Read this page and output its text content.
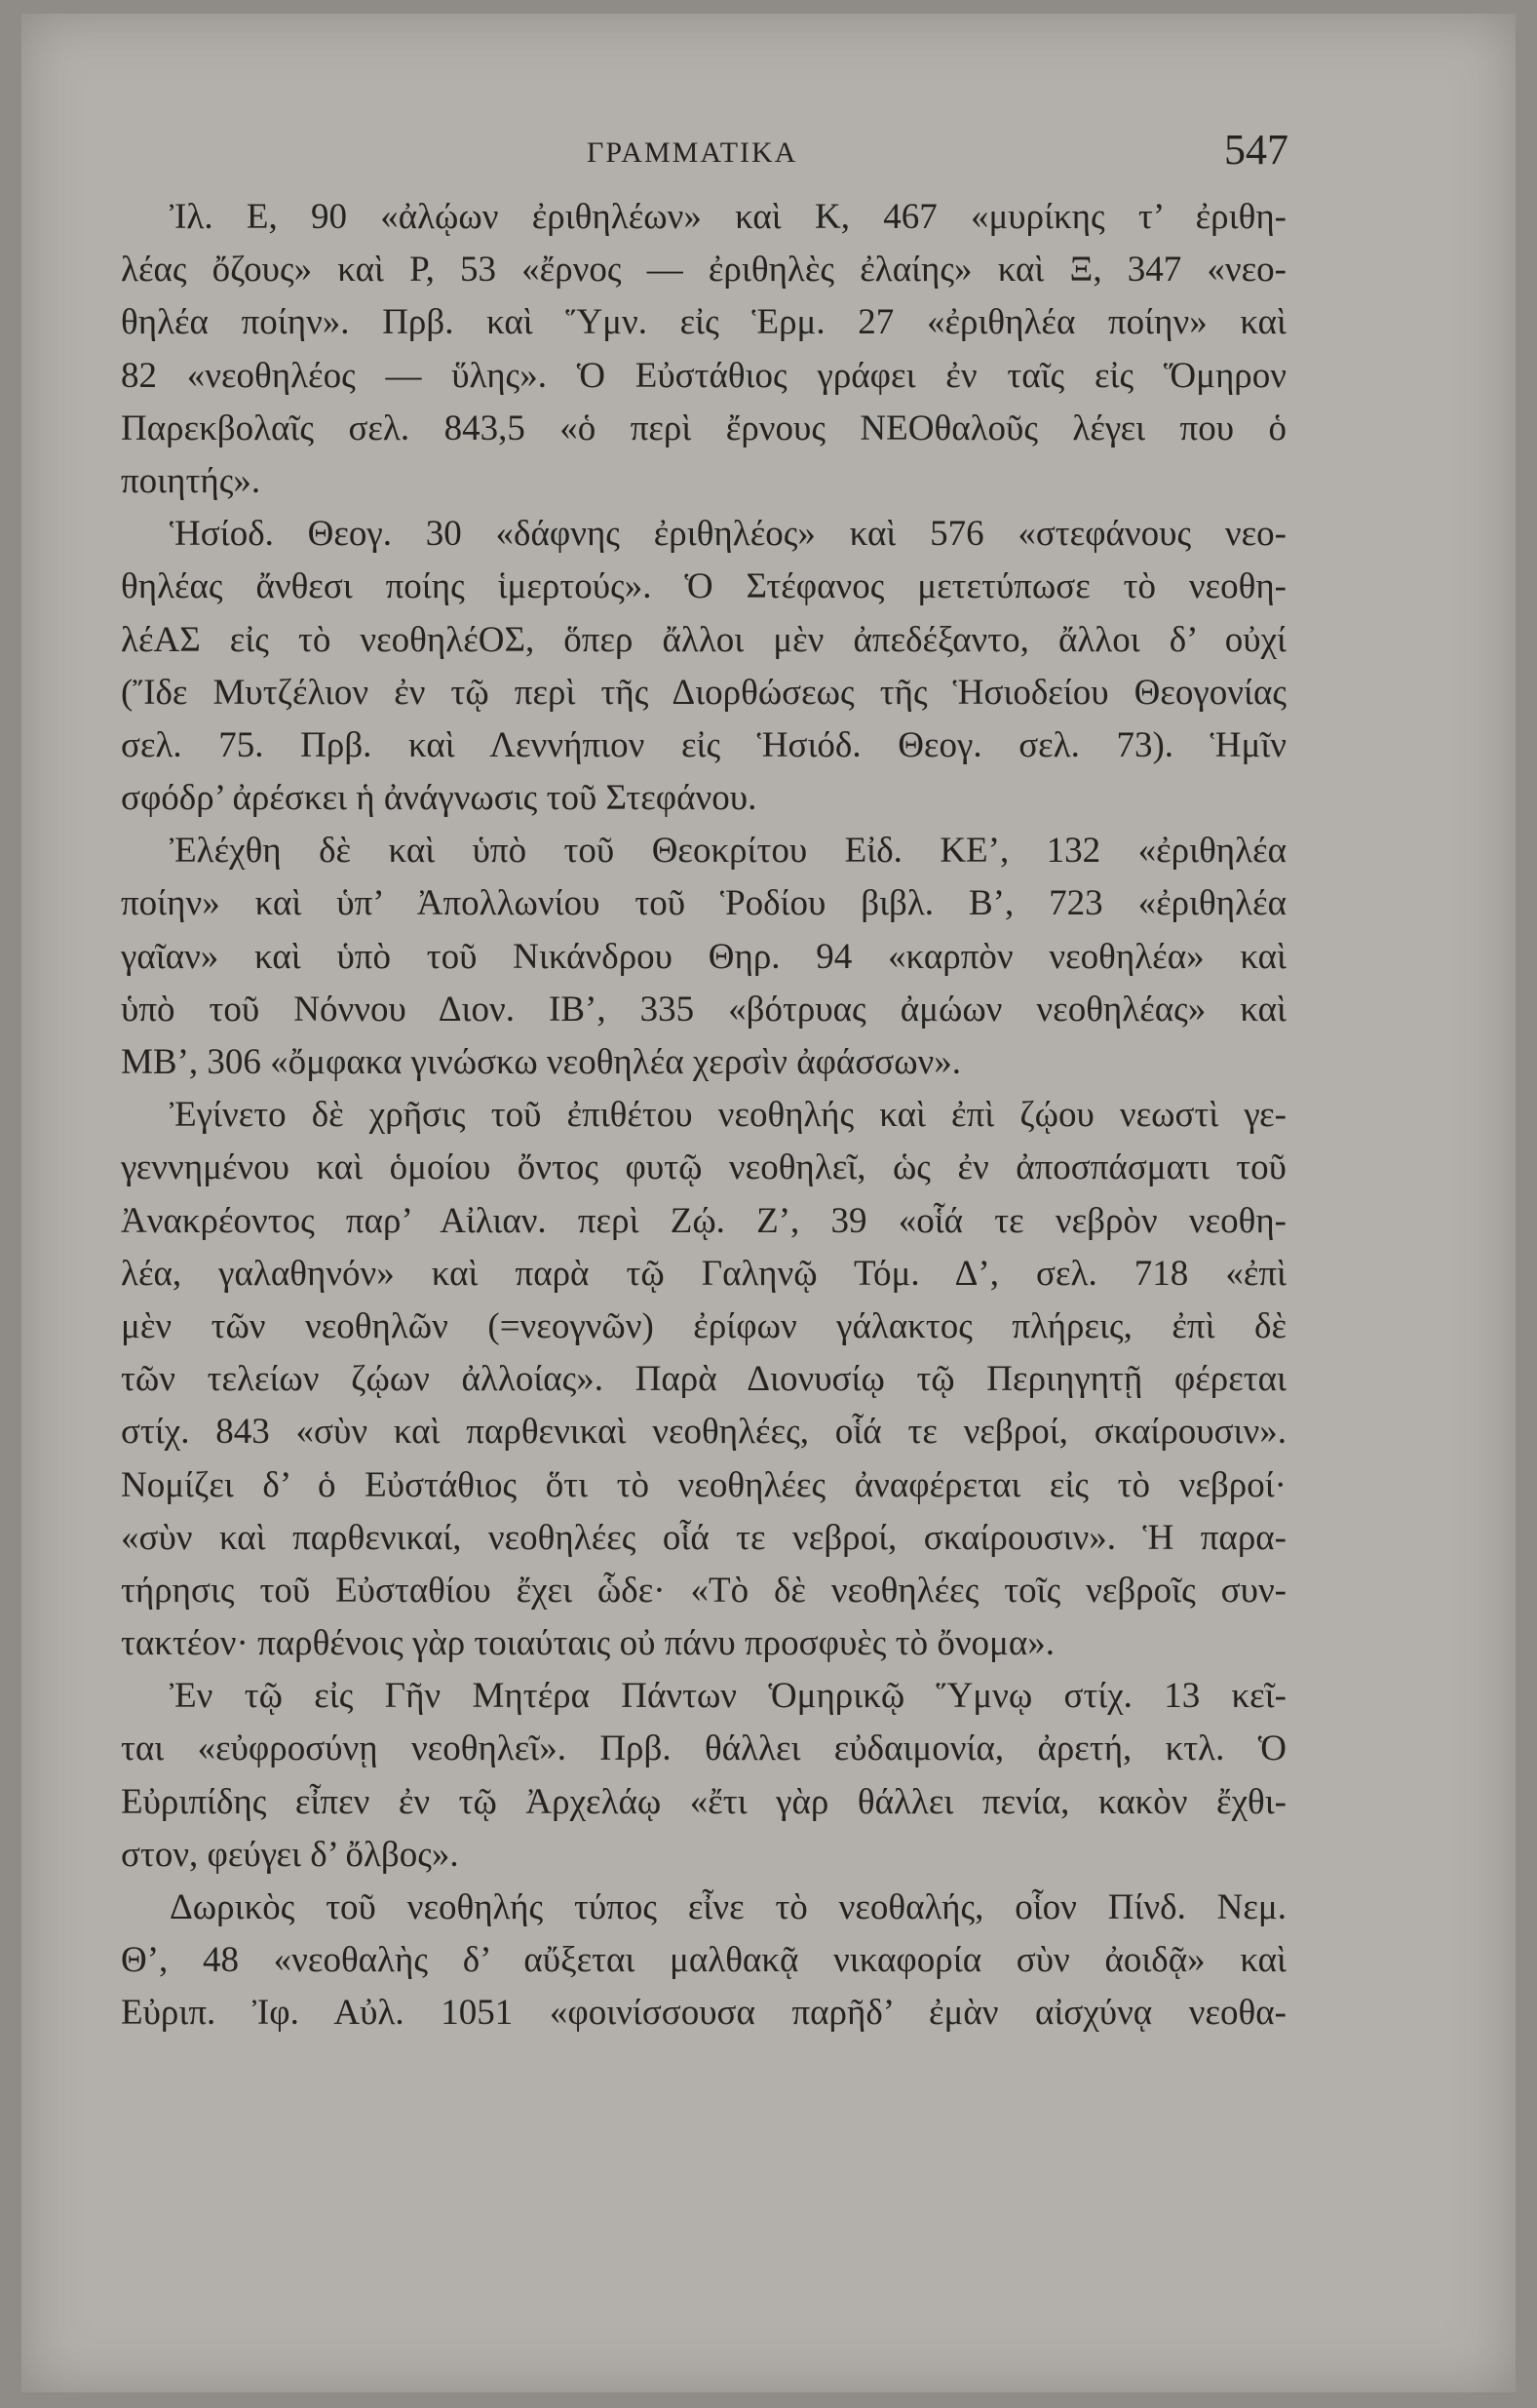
ΓΡΑΜΜΑΤΙΚΑ	547
Ἰλ. Ε, 90 «ἀλῴων ἐριθηλέων» καὶ Κ, 467 «μυρίκης τ’ ἐριθη-
λέας ὄζους» καὶ Ρ, 53 «ἔρνος — ἐριθηλὲς ἐλαίης» καὶ Ξ, 347 «νεο-
θηλέα ποίην». Πρβ. καὶ Ὕμν. εἰς Ἑρμ. 27 «ἐριθηλέα ποίην» καὶ
82 «νεοθηλέος — ὕλης». Ὁ Εὐστάθιος γράφει ἐν ταῖς εἰς Ὅμηρον
Παρεκβολαῖς σελ. 843,5 «ὁ περὶ ἔρνους ΝΕΟθαλοῦς λέγει που ὁ
ποιητής».
Ἡσίοδ. Θεογ. 30 «δάφνης ἐριθηλέος» καὶ 576 «στεφάνους νεο-
θηλέας ἄνθεσι ποίης ἱμερτούς». Ὁ Στέφανος μετετύπωσε τὸ νεοθη-
λέΑΣ εἰς τὸ νεοθηλέΟΣ, ὅπερ ἄλλοι μὲν ἀπεδέξαντο, ἄλλοι δ’ οὐχί
(Ἴδε Μυτζέλιον ἐν τῷ περὶ τῆς Διορθώσεως τῆς Ἡσιοδείου Θεογονίας
σελ. 75. Πρβ. καὶ Λεννήπιον εἰς Ἡσιόδ. Θεογ. σελ. 73). Ἡμῖν
σφόδρ’ ἀρέσκει ἡ ἀνάγνωσις τοῦ Στεφάνου.
Ἐλέχθη δὲ καὶ ὑπὸ τοῦ Θεοκρίτου Εἰδ. ΚΕ’, 132 «ἐριθηλέα
ποίην» καὶ ὑπ’ Ἀπολλωνίου τοῦ Ῥοδίου βιβλ. Β’, 723 «ἐριθηλέα
γαῖαν» καὶ ὑπὸ τοῦ Νικάνδρου Θηρ. 94 «καρπὸν νεοθηλέα» καὶ
ὑπὸ τοῦ Νόννου Διον. ΙΒ’, 335 «βότρυας ἀμώων νεοθηλέας» καὶ
ΜΒ’, 306 «ὄμφακα γινώσκω νεοθηλέα χερσὶν ἀφάσσων».
Ἐγίνετο δὲ χρῆσις τοῦ ἐπιθέτου νεοθηλής καὶ ἐπὶ ζῴου νεωστὶ γε-
γεννημένου καὶ ὁμοίου ὄντος φυτῷ νεοθηλεῖ, ὡς ἐν ἀποσπάσματι τοῦ
Ἀνακρέοντος παρ’ Αἰλιαν. περὶ Ζῴ. Ζ’, 39 «οἷά τε νεβρὸν νεοθη-
λέα, γαλαθηνόν» καὶ παρὰ τῷ Γαληνῷ Τόμ. Δ’, σελ. 718 «ἐπὶ
μὲν τῶν νεοθηλῶν (=νεογνῶν) ἐρίφων γάλακτος πλήρεις, ἐπὶ δὲ
τῶν τελείων ζῴων ἀλλοίας». Παρὰ Διονυσίῳ τῷ Περιηγητῇ φέρεται
στίχ. 843 «σὺν καὶ παρθενικαὶ νεοθηλέες, οἷά τε νεβροί, σκαίρουσιν».
Νομίζει δ’ ὁ Εὐστάθιος ὅτι τὸ νεοθηλέες ἀναφέρεται εἰς τὸ νεβροί·
«σὺν καὶ παρθενικαί, νεοθηλέες οἷά τε νεβροί, σκαίρουσιν». Ἡ παρα-
τήρησις τοῦ Εὐσταθίου ἔχει ὧδε· «Τὸ δὲ νεοθηλέες τοῖς νεβροῖς συν-
τακτέον· παρθένοις γὰρ τοιαύταις οὐ πάνυ προσφυὲς τὸ ὄνομα».
Ἐν τῷ εἰς Γῆν Μητέρα Πάντων Ὁμηρικῷ Ὕμνῳ στίχ. 13 κεῖ-
ται «εὐφροσύνῃ νεοθηλεῖ». Πρβ. θάλλει εὐδαιμονία, ἀρετή, κτλ. Ὁ
Εὐριπίδης εἶπεν ἐν τῷ Ἀρχελάῳ «ἔτι γὰρ θάλλει πενία, κακὸν ἔχθι-
στον, φεύγει δ’ ὄλβος».
Δωρικὸς τοῦ νεοθηλής τύπος εἶνε τὸ νεοθαλής, οἷον Πίνδ. Νεμ.
Θ’, 48 «νεοθαλὴς δ’ αὔξεται μαλθακᾷ νικαφορία σὺν ἀοιδᾷ» καὶ
Εὐριπ. Ἰφ. Αὐλ. 1051 «φοινίσσουσα παρῆδ’ ἐμὰν αἰσχύνᾳ νεοθα-
